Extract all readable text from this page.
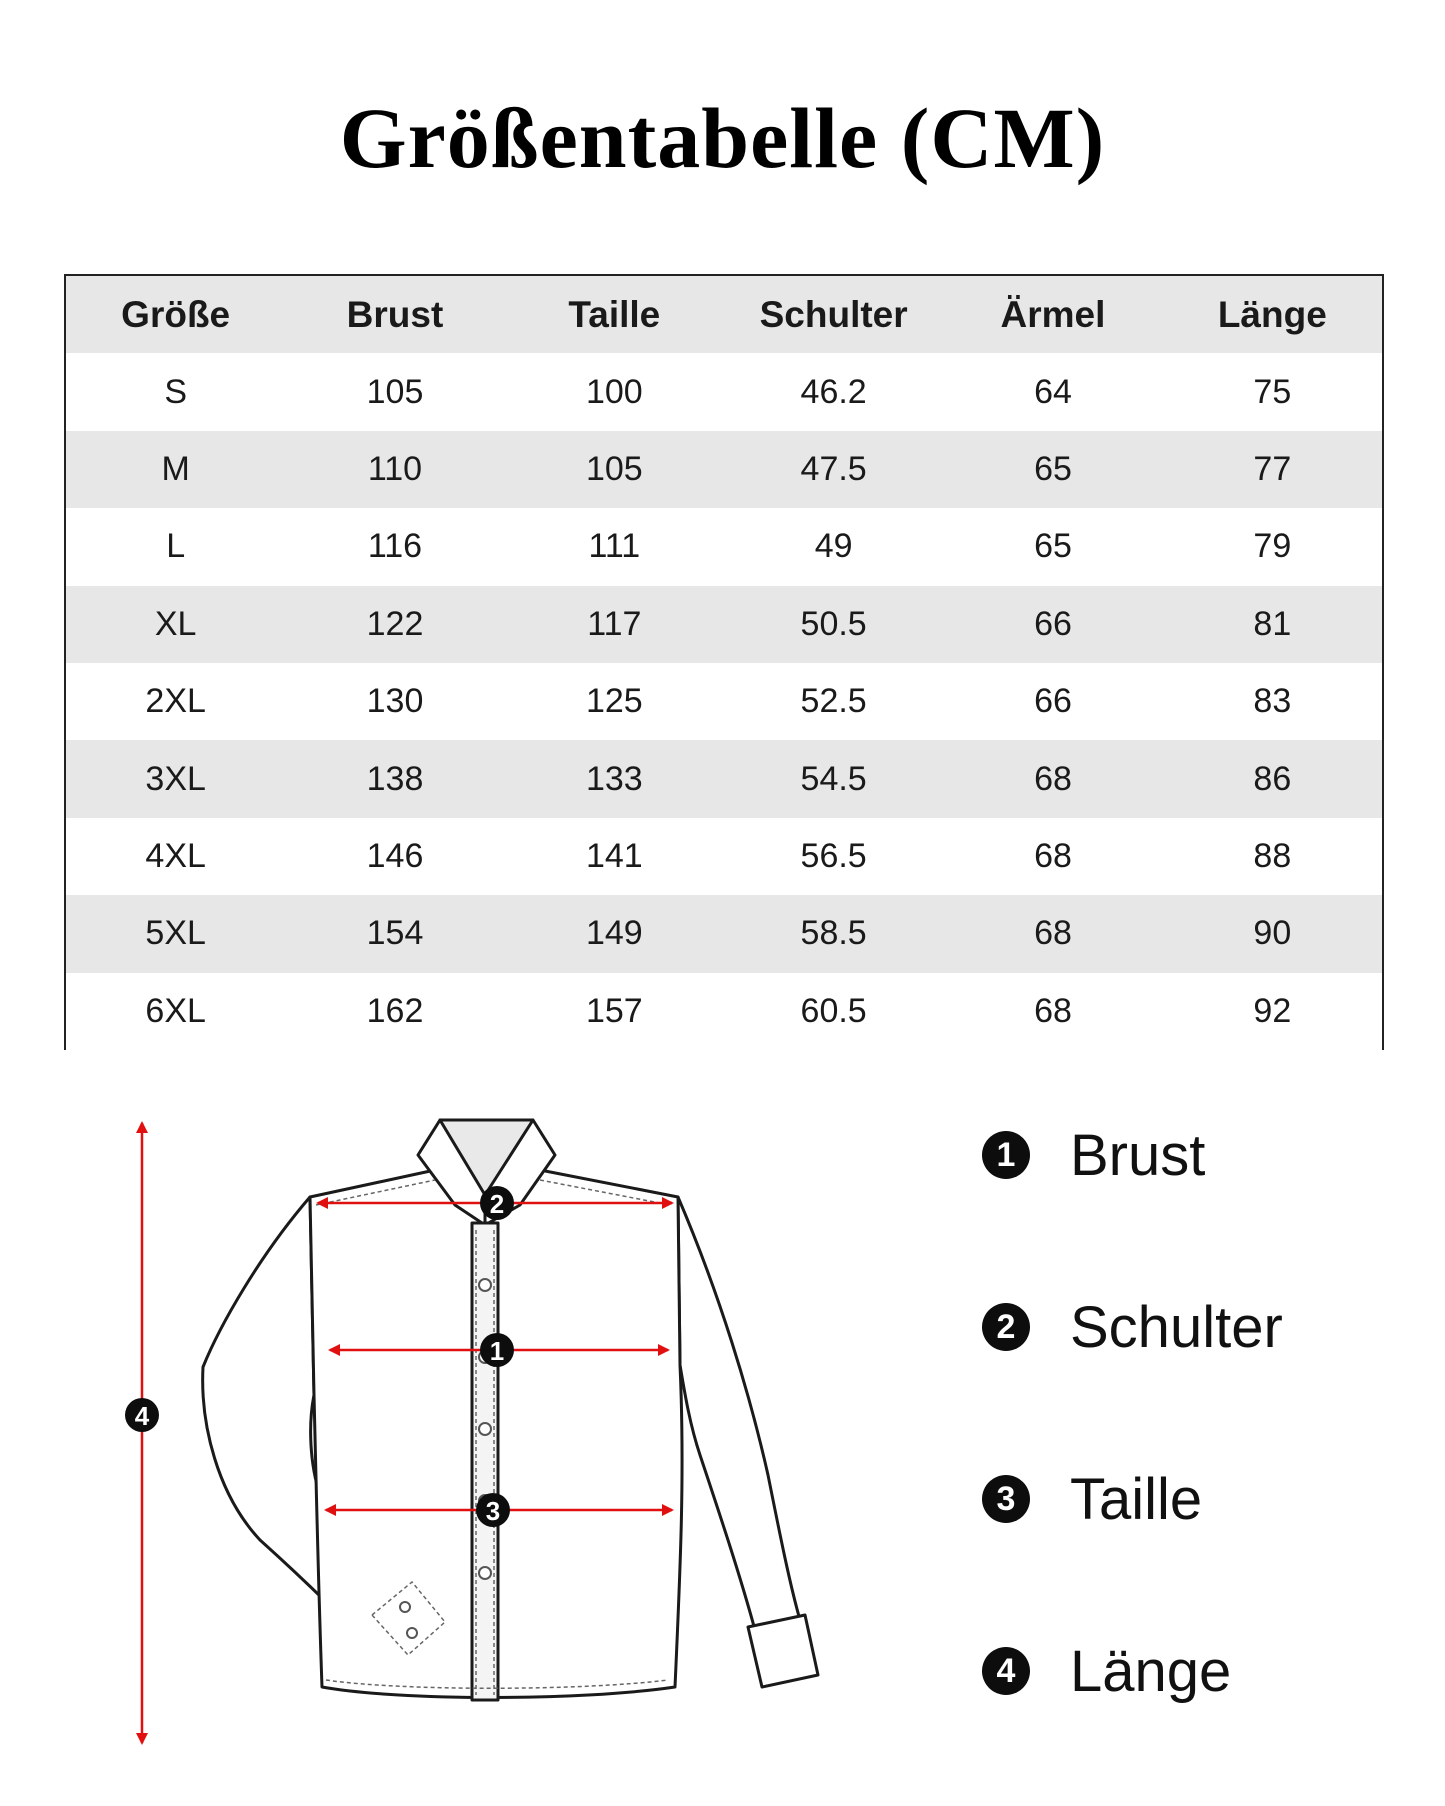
Größentabelle (CM)
Größe	Brust	Taille	Schulter	Ärmel	Länge
S	105	100	46.2	64	75
M	110	105	47.5	65	77
L	116	111	49	65	79
XL	122	117	50.5	66	81
2XL	130	125	52.5	66	83
3XL	138	133	54.5	68	86
4XL	146	141	56.5	68	88
5XL	154	149	58.5	68	90
6XL	162	157	60.5	68	92
2
1
3
4
1 Brust
2 Schulter
3 Taille
4 Länge
